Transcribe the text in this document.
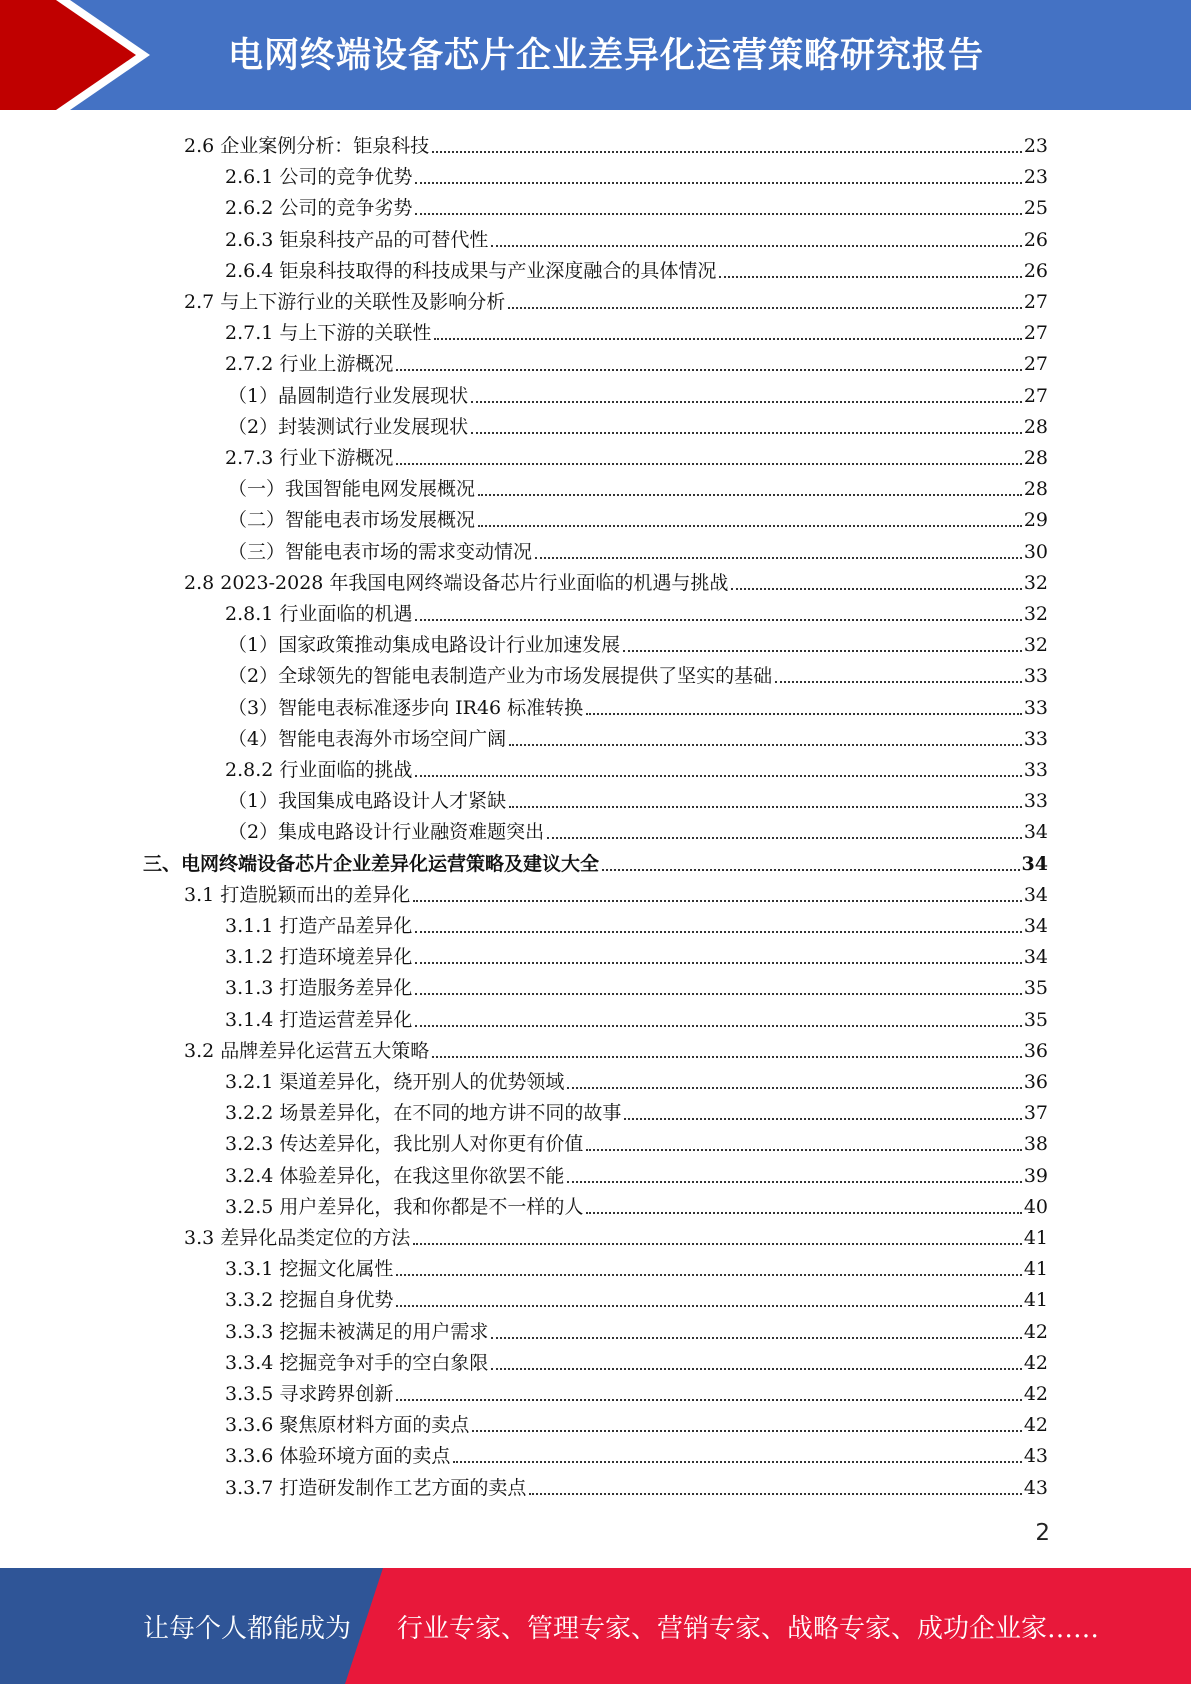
电网终端设备芯片企业差异化运营策略研究报告
2.6 企业案例分析：钜泉科技	23
2.6.1 公司的竞争优势	23
2.6.2 公司的竞争劣势	25
2.6.3 钜泉科技产品的可替代性	26
2.6.4 钜泉科技取得的科技成果与产业深度融合的具体情况	26
2.7 与上下游行业的关联性及影响分析	27
2.7.1 与上下游的关联性	27
2.7.2 行业上游概况	27
（1）晶圆制造行业发展现状	27
（2）封装测试行业发展现状	28
2.7.3 行业下游概况	28
（一）我国智能电网发展概况	28
（二）智能电表市场发展概况	29
（三）智能电表市场的需求变动情况	30
2.8 2023-2028 年我国电网终端设备芯片行业面临的机遇与挑战	32
2.8.1 行业面临的机遇	32
（1）国家政策推动集成电路设计行业加速发展	32
（2）全球领先的智能电表制造产业为市场发展提供了坚实的基础	33
（3）智能电表标准逐步向 IR46 标准转换	33
（4）智能电表海外市场空间广阔	33
2.8.2 行业面临的挑战	33
（1）我国集成电路设计人才紧缺	33
（2）集成电路设计行业融资难题突出	34
三、电网终端设备芯片企业差异化运营策略及建议大全	34
3.1 打造脱颖而出的差异化	34
3.1.1 打造产品差异化	34
3.1.2 打造环境差异化	34
3.1.3 打造服务差异化	35
3.1.4 打造运营差异化	35
3.2 品牌差异化运营五大策略	36
3.2.1 渠道差异化，绕开别人的优势领域	36
3.2.2 场景差异化，在不同的地方讲不同的故事	37
3.2.3 传达差异化，我比别人对你更有价值	38
3.2.4 体验差异化，在我这里你欲罢不能	39
3.2.5 用户差异化，我和你都是不一样的人	40
3.3 差异化品类定位的方法	41
3.3.1 挖掘文化属性	41
3.3.2 挖掘自身优势	41
3.3.3 挖掘未被满足的用户需求	42
3.3.4 挖掘竞争对手的空白象限	42
3.3.5 寻求跨界创新	42
3.3.6 聚焦原材料方面的卖点	42
3.3.6 体验环境方面的卖点	43
3.3.7 打造研发制作工艺方面的卖点	43
2
让每个人都能成为 行业专家、管理专家、营销专家、战略专家、成功企业家……
